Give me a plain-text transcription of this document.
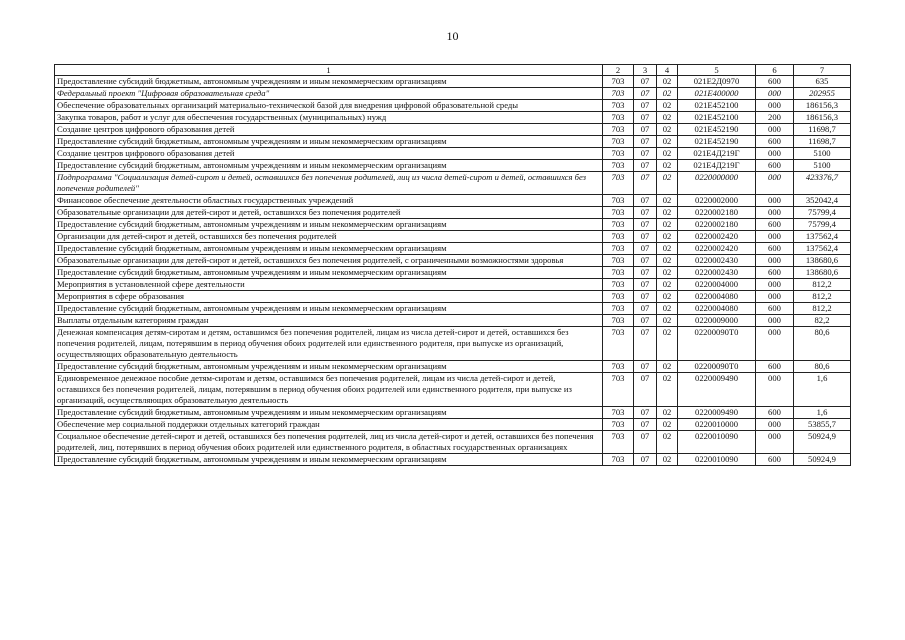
10
1	2	3	4	5	6	7
Предоставление субсидий бюджетным, автономным учреждениям и иным некоммерческим организациям	703	07	02	021E2Д0970	600	635
Федеральный проект "Цифровая образовательная среда"	703	07	02	021E400000	000	202955
Обеспечение образовательных организаций материально-технической базой для внедрения цифровой образовательной среды	703	07	02	021E452100	000	186156,3
Закупка товаров, работ и услуг для обеспечения государственных (муниципальных) нужд	703	07	02	021E452100	200	186156,3
Создание центров цифрового образования детей	703	07	02	021E452190	000	11698,7
Предоставление субсидий бюджетным, автономным учреждениям и иным некоммерческим организациям	703	07	02	021E452190	600	11698,7
Создание центров цифрового образования детей	703	07	02	021E4Д219Г	000	5100
Предоставление субсидий бюджетным, автономным учреждениям и иным некоммерческим организациям	703	07	02	021E4Д219Г	600	5100
Подпрограмма "Социализация детей-сирот и детей, оставшихся без попечения родителей, лиц из числа детей-сирот и детей, оставшихся без попечения родителей"	703	07	02	0220000000	000	423376,7
Финансовое обеспечение деятельности областных государственных учреждений	703	07	02	0220002000	000	352042,4
Образовательные организации для детей-сирот и детей, оставшихся без попечения родителей	703	07	02	0220002180	000	75799,4
Предоставление субсидий бюджетным, автономным учреждениям и иным некоммерческим организациям	703	07	02	0220002180	600	75799,4
Организации для детей-сирот и детей, оставшихся без попечения родителей	703	07	02	0220002420	000	137562,4
Предоставление субсидий бюджетным, автономным учреждениям и иным некоммерческим организациям	703	07	02	0220002420	600	137562,4
Образовательные организации для детей-сирот и детей, оставшихся без попечения родителей, с ограниченными возможностями здоровья	703	07	02	0220002430	000	138680,6
Предоставление субсидий бюджетным, автономным учреждениям и иным некоммерческим организациям	703	07	02	0220002430	600	138680,6
Мероприятия в установленной сфере деятельности	703	07	02	0220004000	000	812,2
Мероприятия в сфере образования	703	07	02	0220004080	000	812,2
Предоставление субсидий бюджетным, автономным учреждениям и иным некоммерческим организациям	703	07	02	0220004080	600	812,2
Выплаты отдельным категориям граждан	703	07	02	0220009000	000	82,2
Денежная компенсация детям-сиротам и детям, оставшимся без попечения родителей, лицам из числа детей-сирот и детей, оставшихся без попечения родителей, лицам, потерявшим в период обучения обоих родителей или единственного родителя, при выпуске из организаций, осуществляющих образовательную деятельность	703	07	02	02200090Т0	000	80,6
Предоставление субсидий бюджетным, автономным учреждениям и иным некоммерческим организациям	703	07	02	02200090Т0	600	80,6
Единовременное денежное пособие детям-сиротам и детям, оставшимся без попечения родителей, лицам из числа детей-сирот и детей, оставшихся без попечения родителей, лицам, потерявшим в период обучения обоих родителей или единственного родителя, при выпуске из организаций, осуществляющих образовательную деятельность	703	07	02	0220009490	000	1,6
Предоставление субсидий бюджетным, автономным учреждениям и иным некоммерческим организациям	703	07	02	0220009490	600	1,6
Обеспечение мер социальной поддержки отдельных категорий граждан	703	07	02	0220010000	000	53855,7
Социальное обеспечение детей-сирот и детей, оставшихся без попечения родителей, лиц из числа детей-сирот и детей, оставшихся без попечения родителей, лиц, потерявших в период обучения обоих родителей или единственного родителя, в областных государственных организациях	703	07	02	0220010090	000	50924,9
Предоставление субсидий бюджетным, автономным учреждениям и иным некоммерческим организациям	703	07	02	0220010090	600	50924,9
